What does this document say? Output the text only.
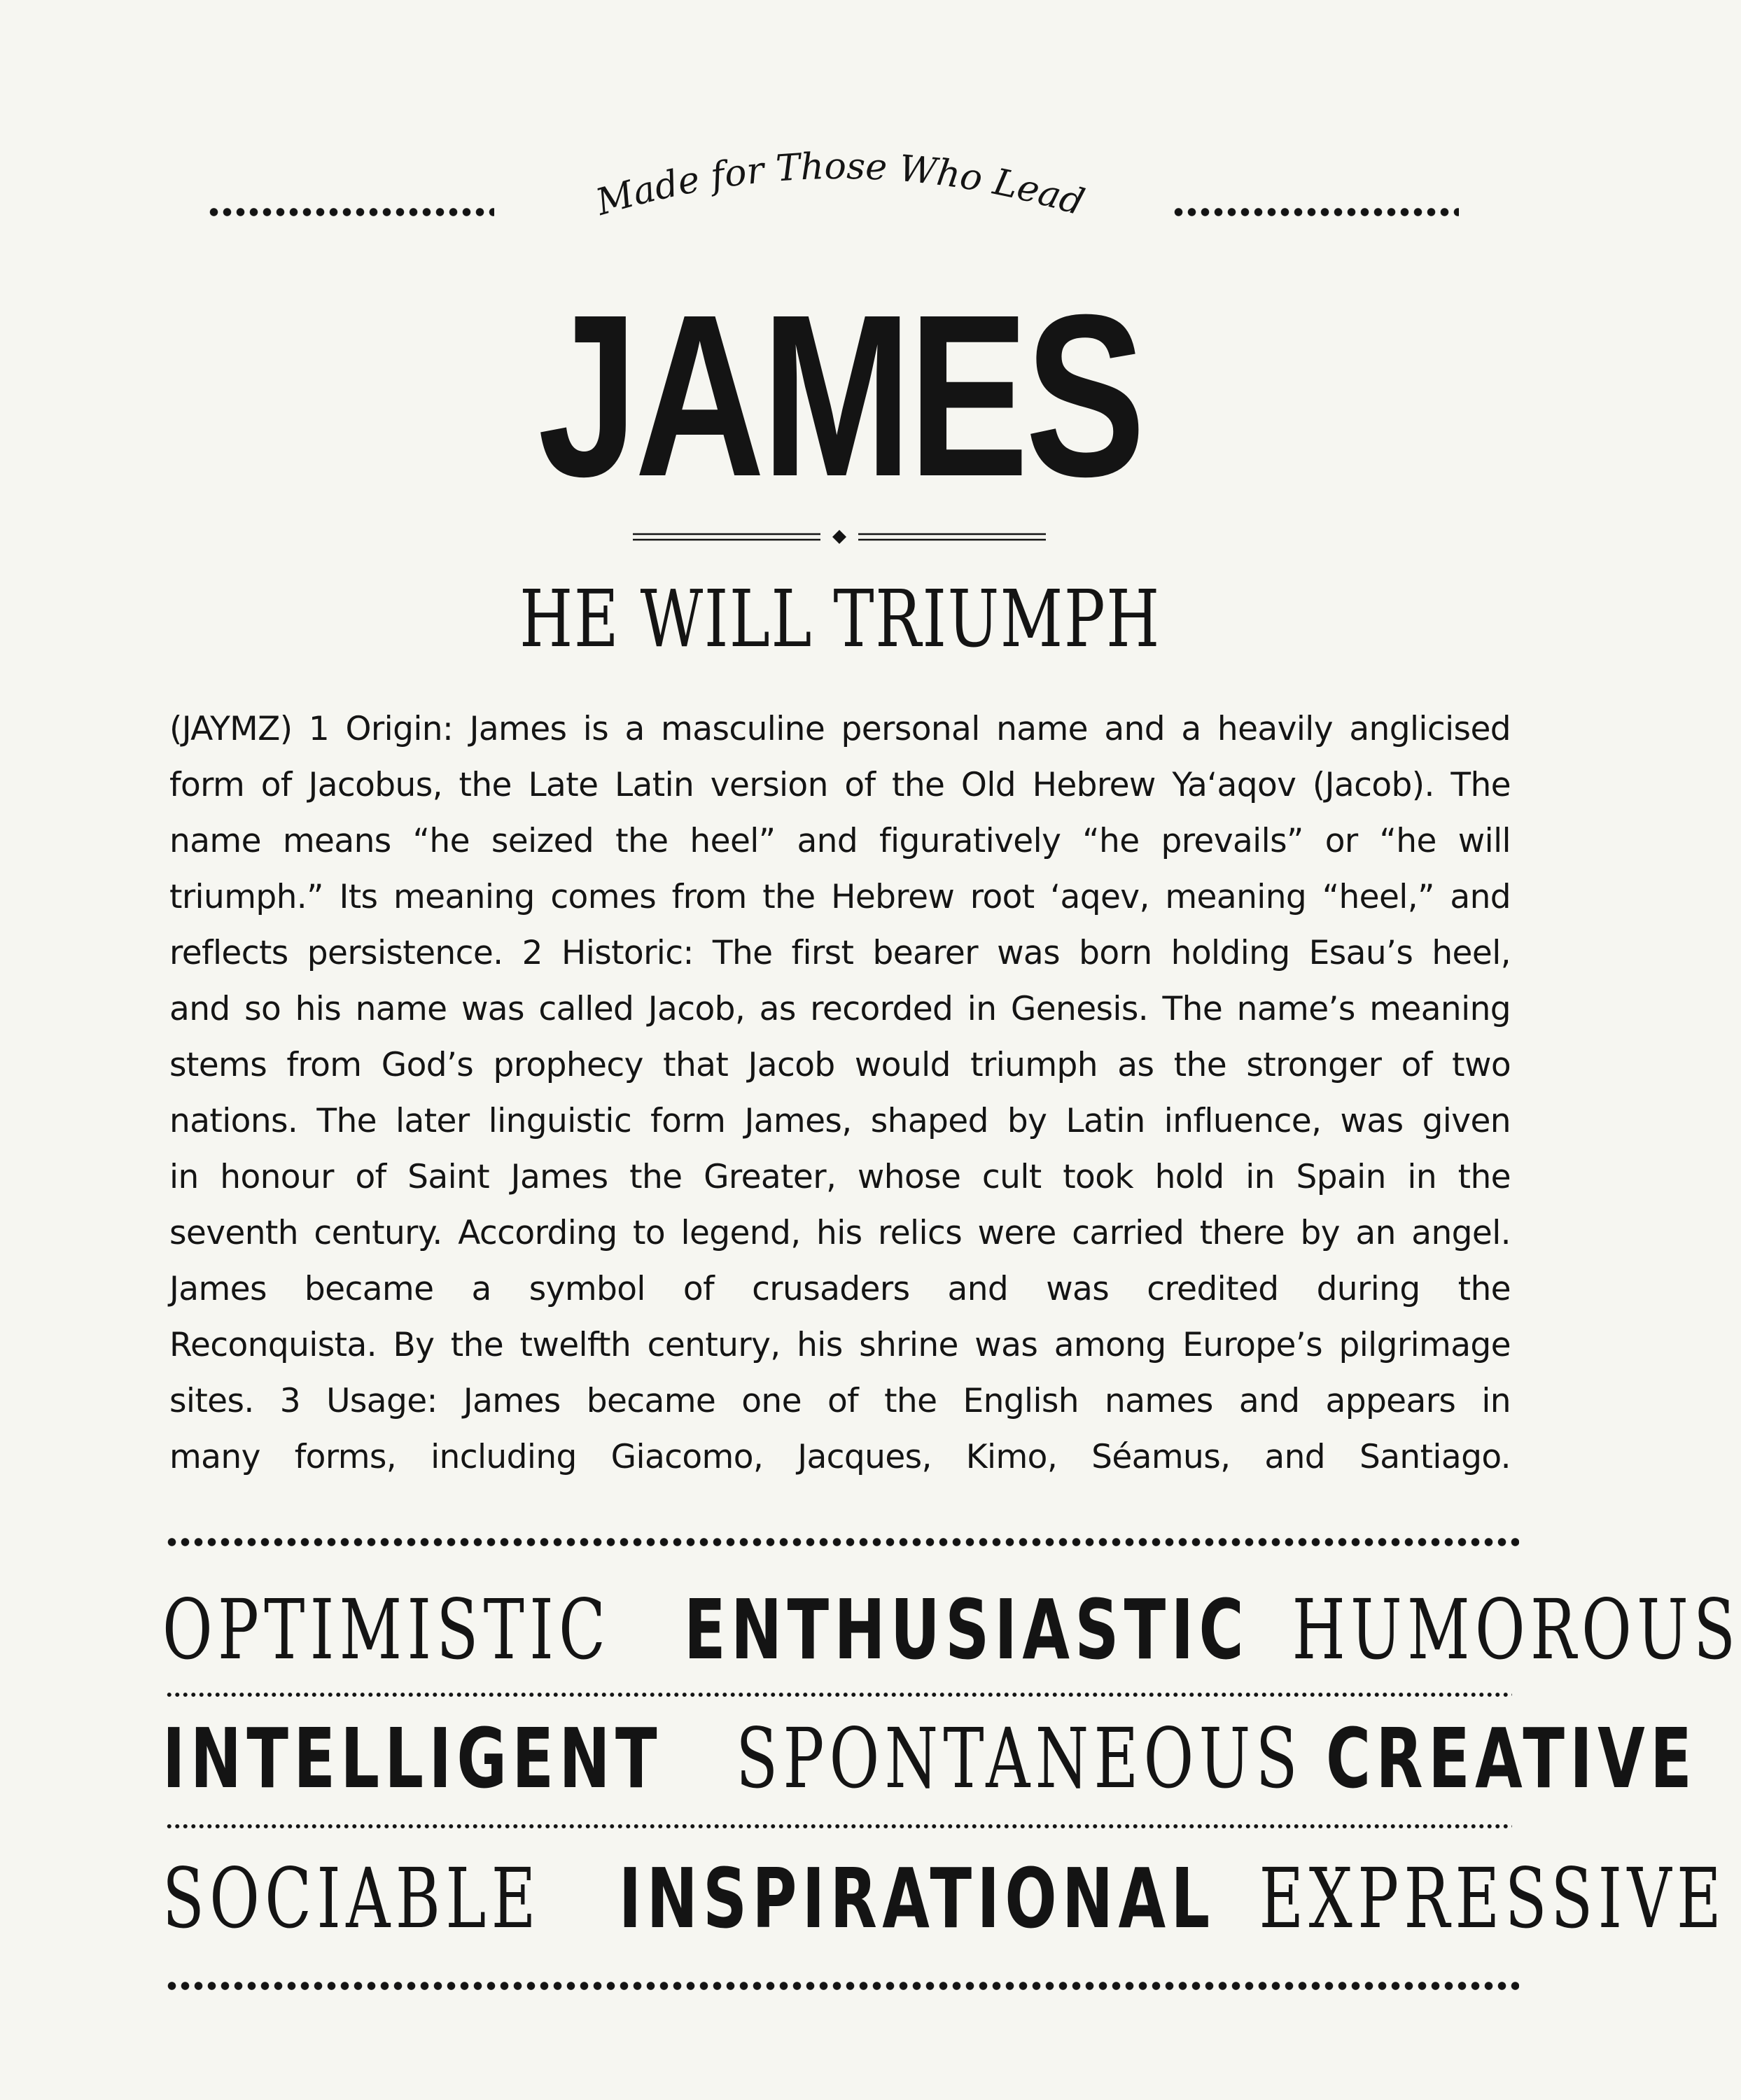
Made for Those Who Lead
JAMES
HE WILL TRIUMPH
(JAYMZ) 1 Origin: James is a masculine personal name and a heavily anglicised
form of Jacobus, the Late Latin version of the Old Hebrew Ya‘aqov (Jacob). The
name means “he seized the heel” and figuratively “he prevails” or “he will
triumph.” Its meaning comes from the Hebrew root ‘aqev, meaning “heel,” and
reflects persistence. 2 Historic: The first bearer was born holding Esau’s heel,
and so his name was called Jacob, as recorded in Genesis. The name’s meaning
stems from God’s prophecy that Jacob would triumph as the stronger of two
nations. The later linguistic form James, shaped by Latin influence, was given
in honour of Saint James the Greater, whose cult took hold in Spain in the
seventh century. According to legend, his relics were carried there by an angel.
James became a symbol of crusaders and was credited during the
Reconquista. By the twelfth century, his shrine was among Europe’s pilgrimage
sites. 3 Usage: James became one of the English names and appears in
many forms, including Giacomo, Jacques, Kimo, Séamus, and Santiago.
OPTIMISTIC ENTHUSIASTIC HUMOROUS
INTELLIGENT SPONTANEOUS CREATIVE
SOCIABLE INSPIRATIONAL EXPRESSIVE
